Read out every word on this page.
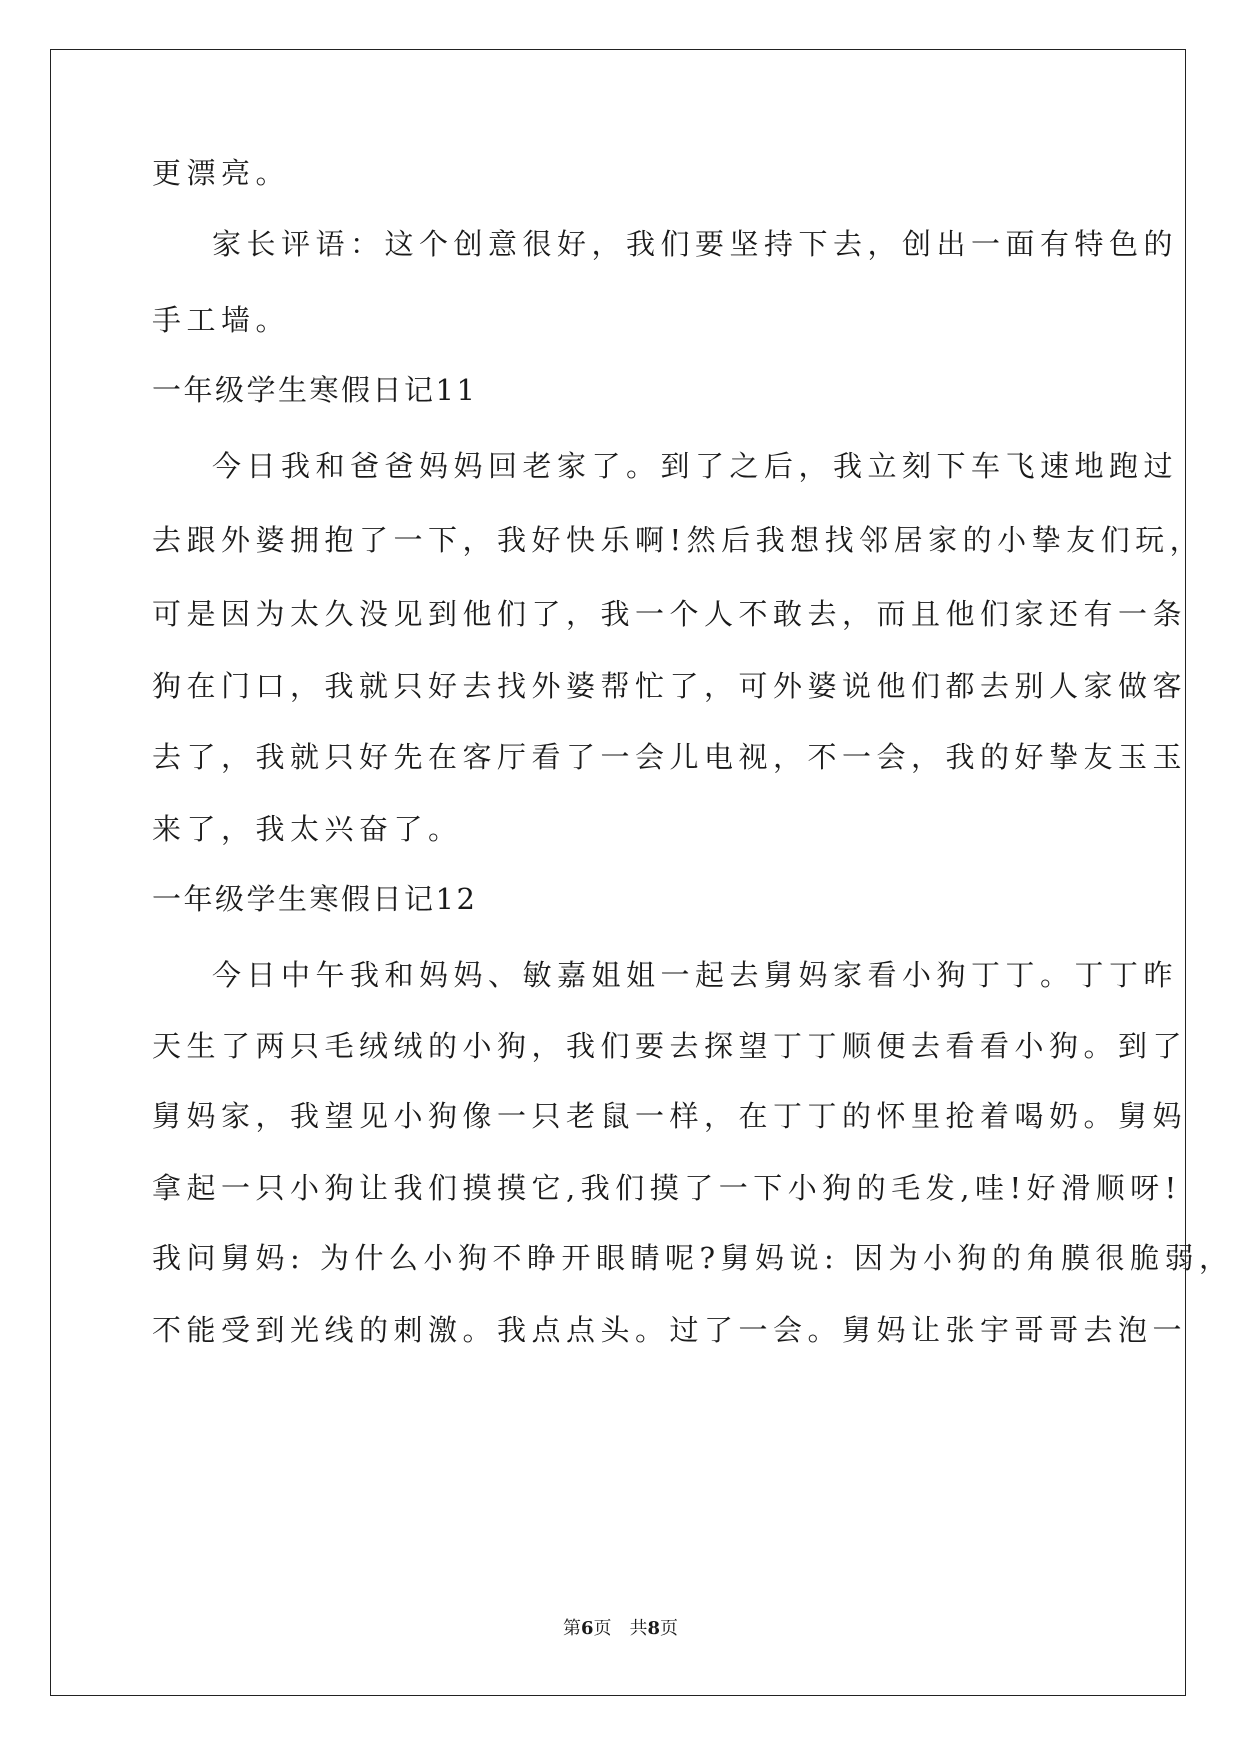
更漂亮。
家长评语：这个创意很好，我们要坚持下去，创出一面有特色的
手工墙。
一年级学生寒假日记11
今日我和爸爸妈妈回老家了。到了之后，我立刻下车飞速地跑过
去跟外婆拥抱了一下，我好快乐啊!然后我想找邻居家的小挚友们玩，
可是因为太久没见到他们了，我一个人不敢去，而且他们家还有一条
狗在门口，我就只好去找外婆帮忙了，可外婆说他们都去别人家做客
去了，我就只好先在客厅看了一会儿电视，不一会，我的好挚友玉玉
来了，我太兴奋了。
一年级学生寒假日记12
今日中午我和妈妈、敏嘉姐姐一起去舅妈家看小狗丁丁。丁丁昨
天生了两只毛绒绒的小狗，我们要去探望丁丁顺便去看看小狗。到了
舅妈家，我望见小狗像一只老鼠一样，在丁丁的怀里抢着喝奶。舅妈
拿起一只小狗让我们摸摸它,我们摸了一下小狗的毛发,哇!好滑顺呀!
我问舅妈: 为什么小狗不睁开眼睛呢?舅妈说: 因为小狗的角膜很脆弱，
不能受到光线的刺激。我点点头。过了一会。舅妈让张宇哥哥去泡一
第6页　共8页
